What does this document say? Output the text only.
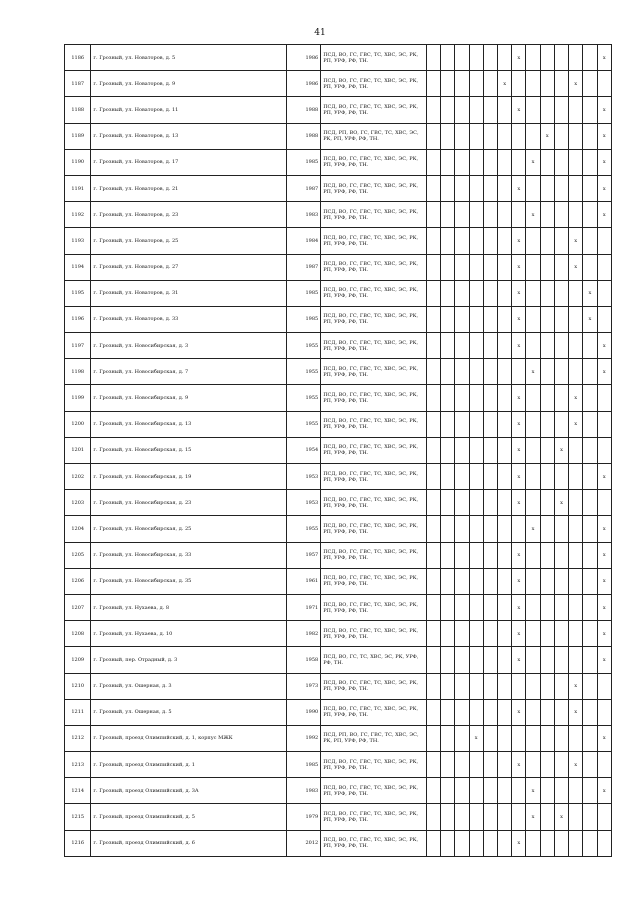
41
1186	г. Грозный, ул. Новаторов, д. 5	1986	ПСД, ВО, ГС, ГВС, ТС, ХВС, ЭС, РК, РП, УРФ, РФ, ТН.							x						x
1187	г. Грозный, ул. Новаторов, д. 9	1986	ПСД, ВО, ГС, ГВС, ТС, ХВС, ЭС, РК, РП, УРФ, РФ, ТН.						x					x		
1188	г. Грозный, ул. Новаторов, д. 11	1988	ПСД, ВО, ГС, ГВС, ТС, ХВС, ЭС, РК, РП, УРФ, РФ, ТН.							x						x
1189	г. Грозный, ул. Новаторов, д. 13	1988	ПСД, РП, ВО, ГС, ГВС, ТС, ХВС, ЭС, РК, РП, УРФ, РФ, ТН.									x				x
1190	г. Грозный, ул. Новаторов, д. 17	1985	ПСД, ВО, ГС, ГВС, ТС, ХВС, ЭС, РК, РП, УРФ, РФ, ТН.								x					x
1191	г. Грозный, ул. Новаторов, д. 21	1987	ПСД, ВО, ГС, ГВС, ТС, ХВС, ЭС, РК, РП, УРФ, РФ, ТН.							x						x
1192	г. Грозный, ул. Новаторов, д. 23	1983	ПСД, ВО, ГС, ГВС, ТС, ХВС, ЭС, РК, РП, УРФ, РФ, ТН.								x					x
1193	г. Грозный, ул. Новаторов, д. 25	1984	ПСД, ВО, ГС, ГВС, ТС, ХВС, ЭС, РК, РП, УРФ, РФ, ТН.							x				x		
1194	г. Грозный, ул. Новаторов, д. 27	1987	ПСД, ВО, ГС, ГВС, ТС, ХВС, ЭС, РК, РП, УРФ, РФ, ТН.							x				x		
1195	г. Грозный, ул. Новаторов, д. 31	1985	ПСД, ВО, ГС, ГВС, ТС, ХВС, ЭС, РК, РП, УРФ, РФ, ТН.							x					x	
1196	г. Грозный, ул. Новаторов, д. 33	1985	ПСД, ВО, ГС, ГВС, ТС, ХВС, ЭС, РК, РП, УРФ, РФ, ТН.							x					x	
1197	г. Грозный, ул. Новосибирская, д. 3	1955	ПСД, ВО, ГС, ГВС, ТС, ХВС, ЭС, РК, РП, УРФ, РФ, ТН.							x						x
1198	г. Грозный, ул. Новосибирская, д. 7	1955	ПСД, ВО, ГС, ГВС, ТС, ХВС, ЭС, РК, РП, УРФ, РФ, ТН.								x					x
1199	г. Грозный, ул. Новосибирская, д. 9	1955	ПСД, ВО, ГС, ГВС, ТС, ХВС, ЭС, РК, РП, УРФ, РФ, ТН.							x				x		
1200	г. Грозный, ул. Новосибирская, д. 13	1955	ПСД, ВО, ГС, ГВС, ТС, ХВС, ЭС, РК, РП, УРФ, РФ, ТН.							x				x		
1201	г. Грозный, ул. Новосибирская, д. 15	1954	ПСД, ВО, ГС, ГВС, ТС, ХВС, ЭС, РК, РП, УРФ, РФ, ТН.							x			x			
1202	г. Грозный, ул. Новосибирская, д. 19	1953	ПСД, ВО, ГС, ГВС, ТС, ХВС, ЭС, РК, РП, УРФ, РФ, ТН.							x						x
1203	г. Грозный, ул. Новосибирская, д. 23	1953	ПСД, ВО, ГС, ГВС, ТС, ХВС, ЭС, РК, РП, УРФ, РФ, ТН.							x			x			
1204	г. Грозный, ул. Новосибирская, д. 25	1955	ПСД, ВО, ГС, ГВС, ТС, ХВС, ЭС, РК, РП, УРФ, РФ, ТН.								x					x
1205	г. Грозный, ул. Новосибирская, д. 33	1957	ПСД, ВО, ГС, ГВС, ТС, ХВС, ЭС, РК, РП, УРФ, РФ, ТН.							x						x
1206	г. Грозный, ул. Новосибирская, д. 35	1961	ПСД, ВО, ГС, ГВС, ТС, ХВС, ЭС, РК, РП, УРФ, РФ, ТН.							x						x
1207	г. Грозный, ул. Нухаева, д. 8	1971	ПСД, ВО, ГС, ГВС, ТС, ХВС, ЭС, РК, РП, УРФ, РФ, ТН.							x						x
1208	г. Грозный, ул. Нухаева, д. 10	1982	ПСД, ВО, ГС, ГВС, ТС, ХВС, ЭС, РК, РП, УРФ, РФ, ТН.							x						x
1209	г. Грозный, пер. Отрадный, д. 3	1958	ПСД, ВО, ГС, ТС, ХВС, ЭС, РК, УРФ, РФ, ТН.							x						x
1210	г. Грозный, ул. Ошерная, д. 3	1973	ПСД, ВО, ГС, ГВС, ТС, ХВС, ЭС, РК, РП, УРФ, РФ, ТН.											x		
1211	г. Грозный, ул. Ошерная, д. 5	1990	ПСД, ВО, ГС, ГВС, ТС, ХВС, ЭС, РК, РП, УРФ, РФ, ТН.							x				x		
1212	г. Грозный, проезд Олимпийский, д. 1, корпус МЖК	1992	ПСД, РП, ВО, ГС, ГВС, ТС, ХВС, ЭС, РК, РП, УРФ, РФ, ТН.				x									x
1213	г. Грозный, проезд Олимпийский, д. 1	1985	ПСД, ВО, ГС, ГВС, ТС, ХВС, ЭС, РК, РП, УРФ, РФ, ТН.							x				x		
1214	г. Грозный, проезд Олимпийский, д. 3А	1983	ПСД, ВО, ГС, ГВС, ТС, ХВС, ЭС, РК, РП, УРФ, РФ, ТН.								x					x
1215	г. Грозный, проезд Олимпийский, д. 5	1979	ПСД, ВО, ГС, ГВС, ТС, ХВС, ЭС, РК, РП, УРФ, РФ, ТН.								x		x			
1216	г. Грозный, проезд Олимпийский, д. 6	2012	ПСД, ВО, ГС, ГВС, ТС, ХВС, ЭС, РК, РП, УРФ, РФ, ТН.							x						
